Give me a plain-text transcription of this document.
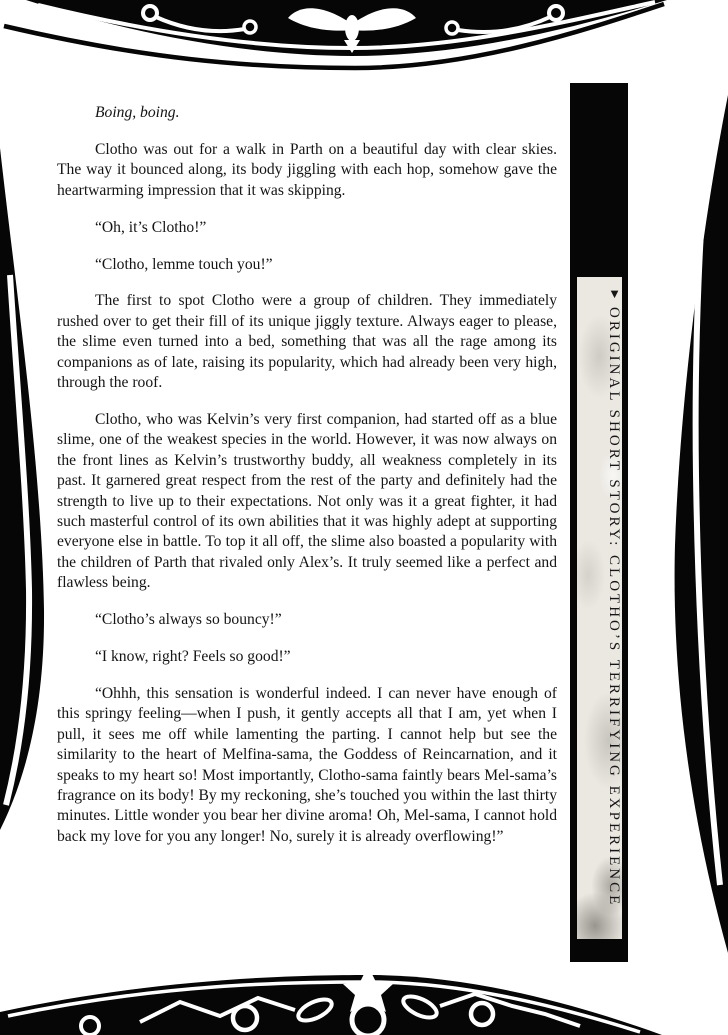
Boing, boing.

Clotho was out for a walk in Parth on a beautiful day with clear skies. The way it bounced along, its body jiggling with each hop, somehow gave the heartwarming impression that it was skipping.

“Oh, it’s Clotho!”

“Clotho, lemme touch you!”

The first to spot Clotho were a group of children. They immediately rushed over to get their fill of its unique jiggly texture. Always eager to please, the slime even turned into a bed, something that was all the rage among its companions as of late, raising its popularity, which had already been very high, through the roof.

Clotho, who was Kelvin’s very first companion, had started off as a blue slime, one of the weakest species in the world. However, it was now always on the front lines as Kelvin’s trustworthy buddy, all weakness completely in its past. It garnered great respect from the rest of the party and definitely had the strength to live up to their expectations. Not only was it a great fighter, it had such masterful control of its own abilities that it was highly adept at supporting everyone else in battle. To top it all off, the slime also boasted a popularity with the children of Parth that rivaled only Alex’s. It truly seemed like a perfect and flawless being.

“Clotho’s always so bouncy!”

“I know, right? Feels so good!”

“Ohhh, this sensation is wonderful indeed. I can never have enough of this springy feeling—when I push, it gently accepts all that I am, yet when I pull, it sees me off while lamenting the parting. I cannot help but see the similarity to the heart of Melfina-sama, the Goddess of Reincarnation, and it speaks to my heart so! Most importantly, Clotho-sama faintly bears Mel-sama’s fragrance on its body! By my reckoning, she’s touched you within the last thirty minutes. Little wonder you bear her divine aroma! Oh, Mel-sama, I cannot hold back my love for you any longer! No, surely it is already overflowing!”

▼ORIGINAL SHORT STORY: CLOTHO’S TERRIFYING EXPERIENCE
